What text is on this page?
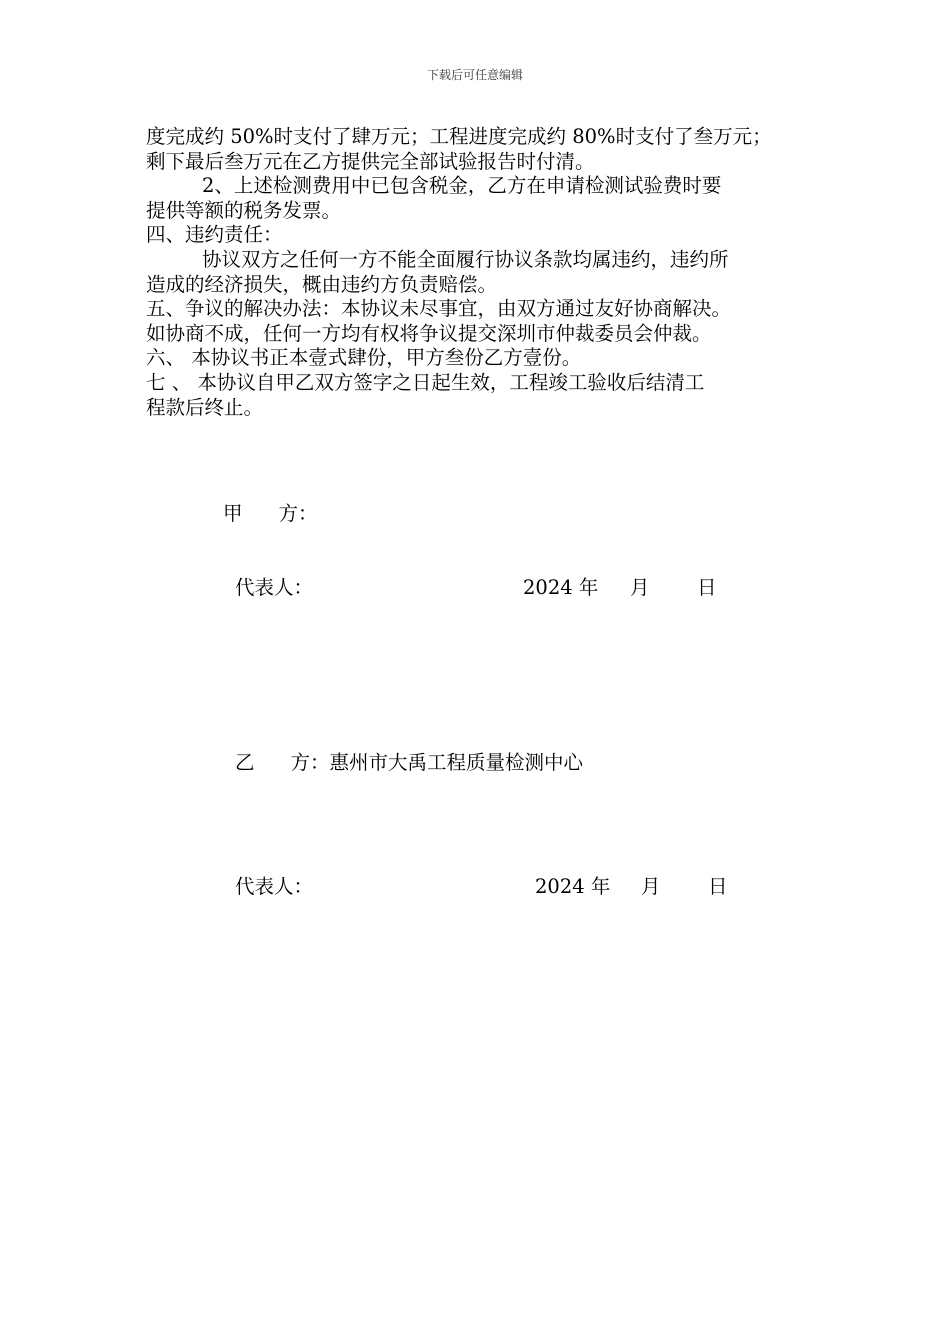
下载后可任意编辑
度完成约 50%时支付了肆万元；工程进度完成约 80%时支付了叁万元；
剩下最后叁万元在乙方提供完全部试验报告时付清。
2、上述检测费用中已包含税金，乙方在申请检测试验费时要
提供等额的税务发票。
四、违约责任：
协议双方之任何一方不能全面履行协议条款均属违约，违约所
造成的经济损失，概由违约方负责赔偿。
五、争议的解决办法：本协议未尽事宜，由双方通过友好协商解决。
如协商不成，任何一方均有权将争议提交深圳市仲裁委员会仲裁。
六、 本协议书正本壹式肆份，甲方叁份乙方壹份。
七 、 本协议自甲乙双方签字之日起生效，工程竣工验收后结清工
程款后终止。
甲 方：
代表人：	2024 年 月 日
乙 方：惠州市大禹工程质量检测中心
代表人：	2024 年 月 日
